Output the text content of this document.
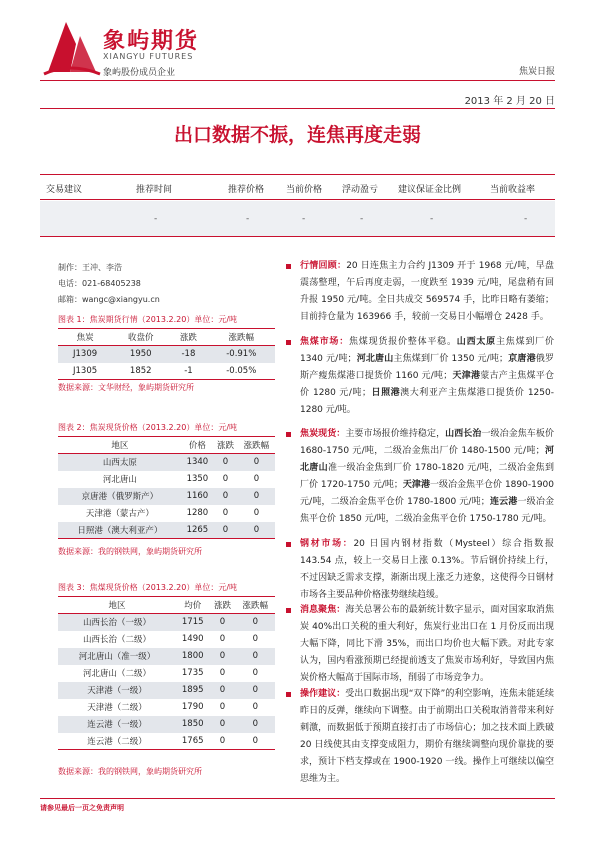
象屿期货
XIANGYU FUTURES
象屿股份成员企业	焦炭日报
2013 年 2 月 20 日
出口数据不振，连焦再度走弱
交易建议	推荐时间	推荐价格 当前价格 浮动盈亏 建议保证金比例	当前收益率
-	-	-	-	-	-
制作：王冲、李浩
电话：021-68405238
邮箱：wangc@xiangyu.cn
图表 1：焦炭期货行情（2013.2.20）单位：元/吨
焦炭	收盘价	涨跌	涨跌幅
J1309	1950	-18	-0.91%
J1305	1852	-1	-0.05%
数据来源：文华财经，象屿期货研究所
图表 2：焦炭现货价格（2013.2.20）单位：元/吨
地区	价格	涨跌	涨跌幅
山西太原	1340	0	0
河北唐山	1350	0	0
京唐港（俄罗斯产）	1160	0	0
天津港（蒙古产）	1280	0	0
日照港（澳大利亚产）	1265	0	0
数据来源：我的钢铁网，象屿期货研究所
图表 3：焦煤现货价格（2013.2.20）单位：元/吨
地区	均价	涨跌	涨跌幅
山西长治（一级）	1715	0	0
山西长治（二级）	1490	0	0
河北唐山（准一级）	1800	0	0
河北唐山（二级）	1735	0	0
天津港（一级）	1895	0	0
天津港（二级）	1790	0	0
连云港（一级）	1850	0	0
连云港（二级）	1765	0	0
数据来源：我的钢铁网，象屿期货研究所
行情回顾：20 日连焦主力合约 J1309 开于 1968 元/吨，早盘震荡整理，午后再度走弱，一度跌至 1939 元/吨，尾盘稍有回升报 1950 元/吨。全日共成交 569574 手，比昨日略有萎缩；目前持仓量为 163966 手，较前一交易日小幅增仓 2428 手。
焦煤市场：焦煤现货报价整体平稳。山西太原主焦煤到厂价 1340 元/吨；河北唐山主焦煤到厂价 1350 元/吨；京唐港俄罗斯产瘦焦煤港口提货价 1160 元/吨；天津港蒙古产主焦煤平仓价 1280 元/吨；日照港澳大利亚产主焦煤港口提货价 1250-1280 元/吨。
焦炭现货：主要市场报价维持稳定，山西长治一级冶金焦车板价 1680-1750 元/吨，二级冶金焦出厂价 1480-1500 元/吨；河北唐山准一级冶金焦到厂价 1780-1820 元/吨，二级冶金焦到厂价 1720-1750 元/吨；天津港一级冶金焦平仓价 1890-1900 元/吨，二级冶金焦平仓价 1780-1800 元/吨；连云港一级冶金焦平仓价 1850 元/吨，二级冶金焦平仓价 1750-1780 元/吨。
钢材市场：20 日国内钢材指数（Mysteel）综合指数报 143.54 点，较上一交易日上涨 0.13%。节后钢价持续上行，不过因缺乏需求支撑，渐渐出现上涨乏力迹象，这使得今日钢材市场各主要品种价格涨势继续趋缓。
消息聚焦：海关总署公布的最新统计数字显示，面对国家取消焦炭 40%出口关税的重大利好，焦炭行业出口在 1 月份反而出现大幅下降，同比下滑 35%，而出口均价也大幅下跌。对此专家认为，国内看涨预期已经提前透支了焦炭市场利好，导致国内焦炭价格大幅高于国际市场，削弱了市场竞争力。
操作建议：受出口数据出现“双下降”的利空影响，连焦未能延续昨日的反弹，继续向下调整。由于前期出口关税取消普带来利好刺激，而数据低于预期直接打击了市场信心；加之技术面上跌破 20 日线使其由支撑变成阻力，期价有继续调整向现价靠拢的要求，预计下档支撑或在 1900-1920 一线。操作上可继续以偏空思维为主。
请参见最后一页之免责声明
